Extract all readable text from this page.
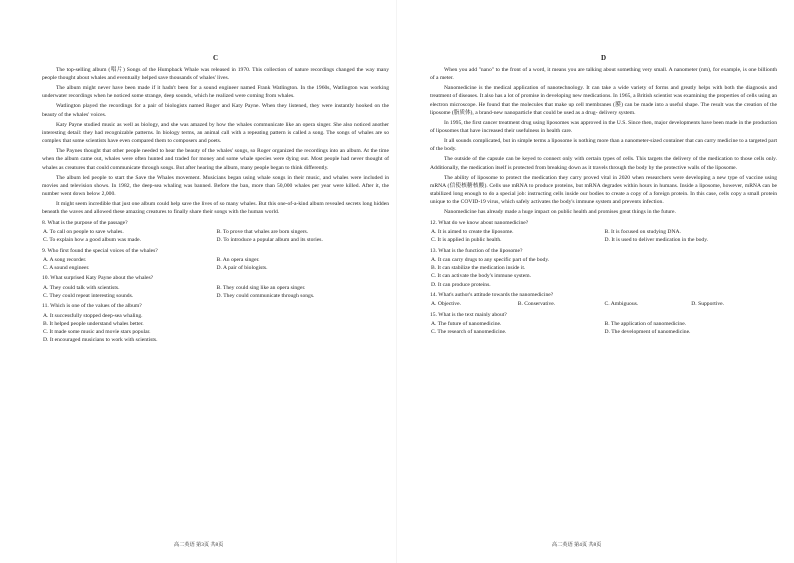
C

The top-selling album (唱片) Songs of the Humpback Whale was released in 1970. This collection of nature recordings changed the way many people thought about whales and eventually helped save thousands of whales' lives.

The album might never have been made if it hadn't been for a sound engineer named Frank Watlington. In the 1960s, Watlington was working underwater recordings when he noticed some strange, deep sounds, which he realized were coming from whales.

Watlington played the recordings for a pair of biologists named Roger and Katy Payne. When they listened, they were instantly hooked on the beauty of the whales' voices.

Katy Payne studied music as well as biology, and she was amazed by how the whales communicate like an opera singer. She also noticed another interesting detail: they had recognizable patterns. In biology terms, an animal call with a repeating pattern is called a song. The songs of whales are so complex that some scientists have even compared them to composers and poets.

The Paynes thought that other people needed to hear the beauty of the whales' songs, so Roger organized the recordings into an album. At the time when the album came out, whales were often hunted and traded for money and some whale species were dying out. Most people had never thought of whales as creatures that could communicate through songs. But after hearing the album, many people began to think differently.

The album led people to start the Save the Whales movement. Musicians began using whale songs in their music, and whales were included in movies and television shows. In 1982, the deep-sea whaling was banned. Before the ban, more than 50,000 whales per year were killed. After it, the number went down below 2,000.

It might seem incredible that just one album could help save the lives of so many whales. But this one-of-a-kind album revealed secrets long hidden beneath the waves and allowed these amazing creatures to finally share their songs with the human world.

8. What is the purpose of the passage?
A. To call on people to save whales.	B. To prove that whales are born singers.
C. To explain how a good album was made.	D. To introduce a popular album and its stories.
9. Who first found the special voices of the whales?
A. A song recorder.	B. An opera singer.
C. A sound engineer.	D. A pair of biologists.
10. What surprised Katy Payne about the whales?
A. They could talk with scientists.	B. They could sing like an opera singer.
C. They could repeat interesting sounds.	D. They could communicate through songs.
11. Which is one of the values of the album?
A. It successfully stopped deep-sea whaling.
B. It helped people understand whales better.
C. It made some music and movie stars popular.
D. It encouraged musicians to work with scientists.
D

When you add "nano" to the front of a word, it means you are talking about something very small. A nanometer (nm), for example, is one billionth of a meter.

Nanomedicine is the medical application of nanotechnology. It can take a wide variety of forms and greatly helps with both the diagnosis and treatment of diseases. It also has a lot of promise in developing new medications. In 1965, a British scientist was examining the properties of cells using an electron microscope. He found that the molecules that make up cell membranes (膜) can be made into a useful shape. The result was the creation of the liposome (脂质体), a brand-new nanoparticle that could be used as a drug- delivery system.

In 1995, the first cancer treatment drug using liposomes was approved in the U.S. Since then, major developments have been made in the production of liposomes that have increased their usefulness in health care.

It all sounds complicated, but in simple terms a liposome is nothing more than a nanometer-sized container that can carry medicine to a targeted part of the body.

The outside of the capsule can be keyed to connect only with certain types of cells. This targets the delivery of the medication to those cells only. Additionally, the medication itself is protected from breaking down as it travels through the body by the protective walls of the liposome.

The ability of liposome to protect the medication they carry proved vital in 2020 when researchers were developing a new type of vaccine using mRNA (信使核糖核酸). Cells use mRNA to produce proteins, but mRNA degrades within hours in humans. Inside a liposome, however, mRNA can be stabilized long enough to do a special job: instructing cells inside our bodies to create a copy of a foreign protein. In this case, cells copy a small protein unique to the COVID-19 virus, which safely activates the body's immune system and prevents infection.

Nanomedicine has already made a huge impact on public health and promises great things in the future.

12. What do we know about nanomedicine?
A. It is aimed to create the liposome.	B. It is focused on studying DNA.
C. It is applied in public health.	D. It is used to deliver medication in the body.
13. What is the function of the liposome?
A. It can carry drugs to any specific part of the body.
B. It can stabilize the medication inside it.
C. It can activate the body's immune system.
D. It can produce proteins.
14. What's author's attitude towards the nanomedicine?
A. Objective.	B. Conservative.	C. Ambiguous.	D. Supportive.
15. What is the text mainly about?
A. The future of nanomedicine.	B. The application of nanomedicine.
C. The research of nanomedicine.	D. The development of nanomedicine.
高二英语 第3页 共8页	高二英语 第4页 共8页
